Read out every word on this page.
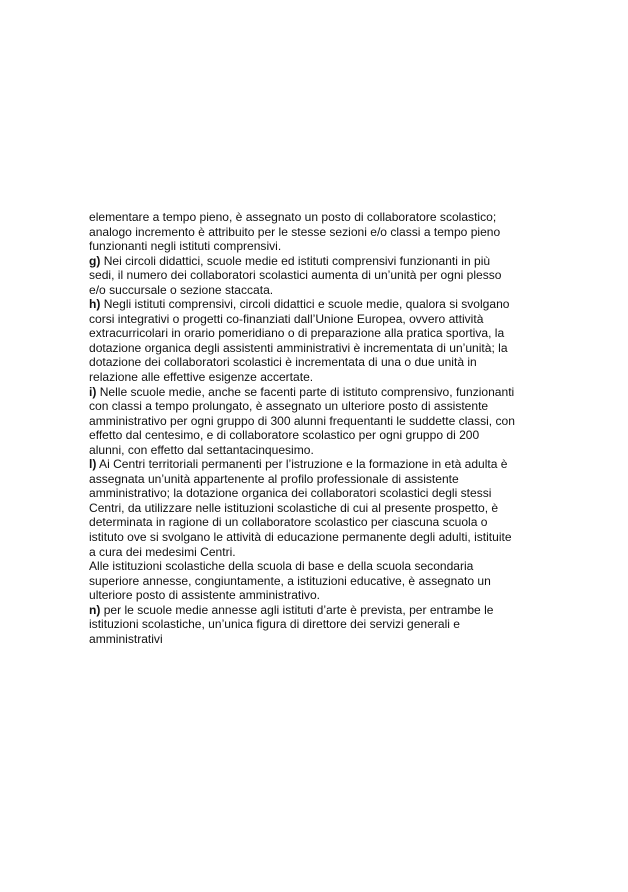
elementare a tempo pieno, è assegnato un posto di collaboratore scolastico;
analogo incremento è attribuito per le stesse sezioni e/o classi a tempo pieno
funzionanti negli istituti comprensivi.
g) Nei circoli didattici, scuole medie ed istituti comprensivi funzionanti in più
sedi, il numero dei collaboratori scolastici aumenta di un’unità per ogni plesso
e/o succursale o sezione staccata.
h) Negli istituti comprensivi, circoli didattici e scuole medie, qualora si svolgano
corsi integrativi o progetti co-finanziati dall’Unione Europea, ovvero attività
extracurricolari in orario pomeridiano o di preparazione alla pratica sportiva, la
dotazione organica degli assistenti amministrativi è incrementata di un’unità; la
dotazione dei collaboratori scolastici è incrementata di una o due unità in
relazione alle effettive esigenze accertate.
i) Nelle scuole medie, anche se facenti parte di istituto comprensivo, funzionanti
con classi a tempo prolungato, è assegnato un ulteriore posto di assistente
amministrativo per ogni gruppo di 300 alunni frequentanti le suddette classi, con
effetto dal centesimo, e di collaboratore scolastico per ogni gruppo di 200
alunni, con effetto dal settantacinquesimo.
l) Ai Centri territoriali permanenti per l’istruzione e la formazione in età adulta è
assegnata un’unità appartenente al profilo professionale di assistente
amministrativo; la dotazione organica dei collaboratori scolastici degli stessi
Centri, da utilizzare nelle istituzioni scolastiche di cui al presente prospetto, è
determinata in ragione di un collaboratore scolastico per ciascuna scuola o
istituto ove si svolgano le attività di educazione permanente degli adulti, istituite
a cura dei medesimi Centri.
Alle istituzioni scolastiche della scuola di base e della scuola secondaria
superiore annesse, congiuntamente, a istituzioni educative, è assegnato un
ulteriore posto di assistente amministrativo.
n) per le scuole medie annesse agli istituti d’arte è prevista, per entrambe le
istituzioni scolastiche, un’unica figura di direttore dei servizi generali e
amministrativi
